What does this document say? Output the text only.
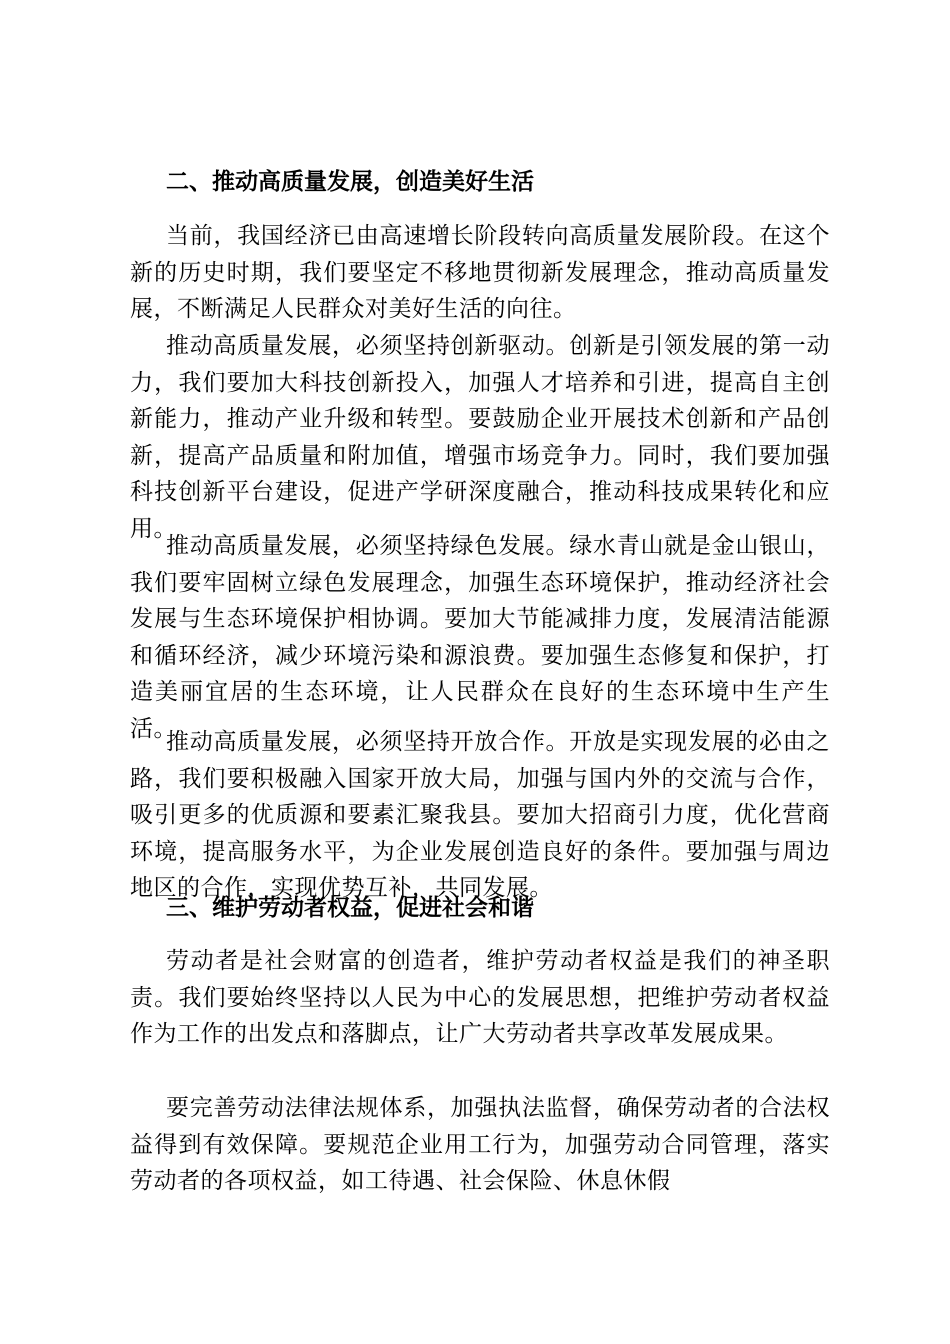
二、推动高质量发展，创造美好生活

当前，我国经济已由高速增长阶段转向高质量发展阶段。在这个新的历史时期，我们要坚定不移地贯彻新发展理念，推动高质量发展，不断满足人民群众对美好生活的向往。

推动高质量发展，必须坚持创新驱动。创新是引领发展的第一动力，我们要加大科技创新投入，加强人才培养和引进，提高自主创新能力，推动产业升级和转型。要鼓励企业开展技术创新和产品创新，提高产品质量和附加值，增强市场竞争力。同时，我们要加强科技创新平台建设，促进产学研深度融合，推动科技成果转化和应用。

推动高质量发展，必须坚持绿色发展。绿水青山就是金山银山，我们要牢固树立绿色发展理念，加强生态环境保护，推动经济社会发展与生态环境保护相协调。要加大节能减排力度，发展清洁能源和循环经济，减少环境污染和源浪费。要加强生态修复和保护，打造美丽宜居的生态环境，让人民群众在良好的生态环境中生产生活。

推动高质量发展，必须坚持开放合作。开放是实现发展的必由之路，我们要积极融入国家开放大局，加强与国内外的交流与合作，吸引更多的优质源和要素汇聚我县。要加大招商引力度，优化营商环境，提高服务水平，为企业发展创造良好的条件。要加强与周边地区的合作，实现优势互补，共同发展。

三、维护劳动者权益，促进社会和谐

劳动者是社会财富的创造者，维护劳动者权益是我们的神圣职责。我们要始终坚持以人民为中心的发展思想，把维护劳动者权益作为工作的出发点和落脚点，让广大劳动者共享改革发展成果。

要完善劳动法律法规体系，加强执法监督，确保劳动者的合法权益得到有效保障。要规范企业用工行为，加强劳动合同管理，落实劳动者的各项权益，如工待遇、社会保险、休息休假
